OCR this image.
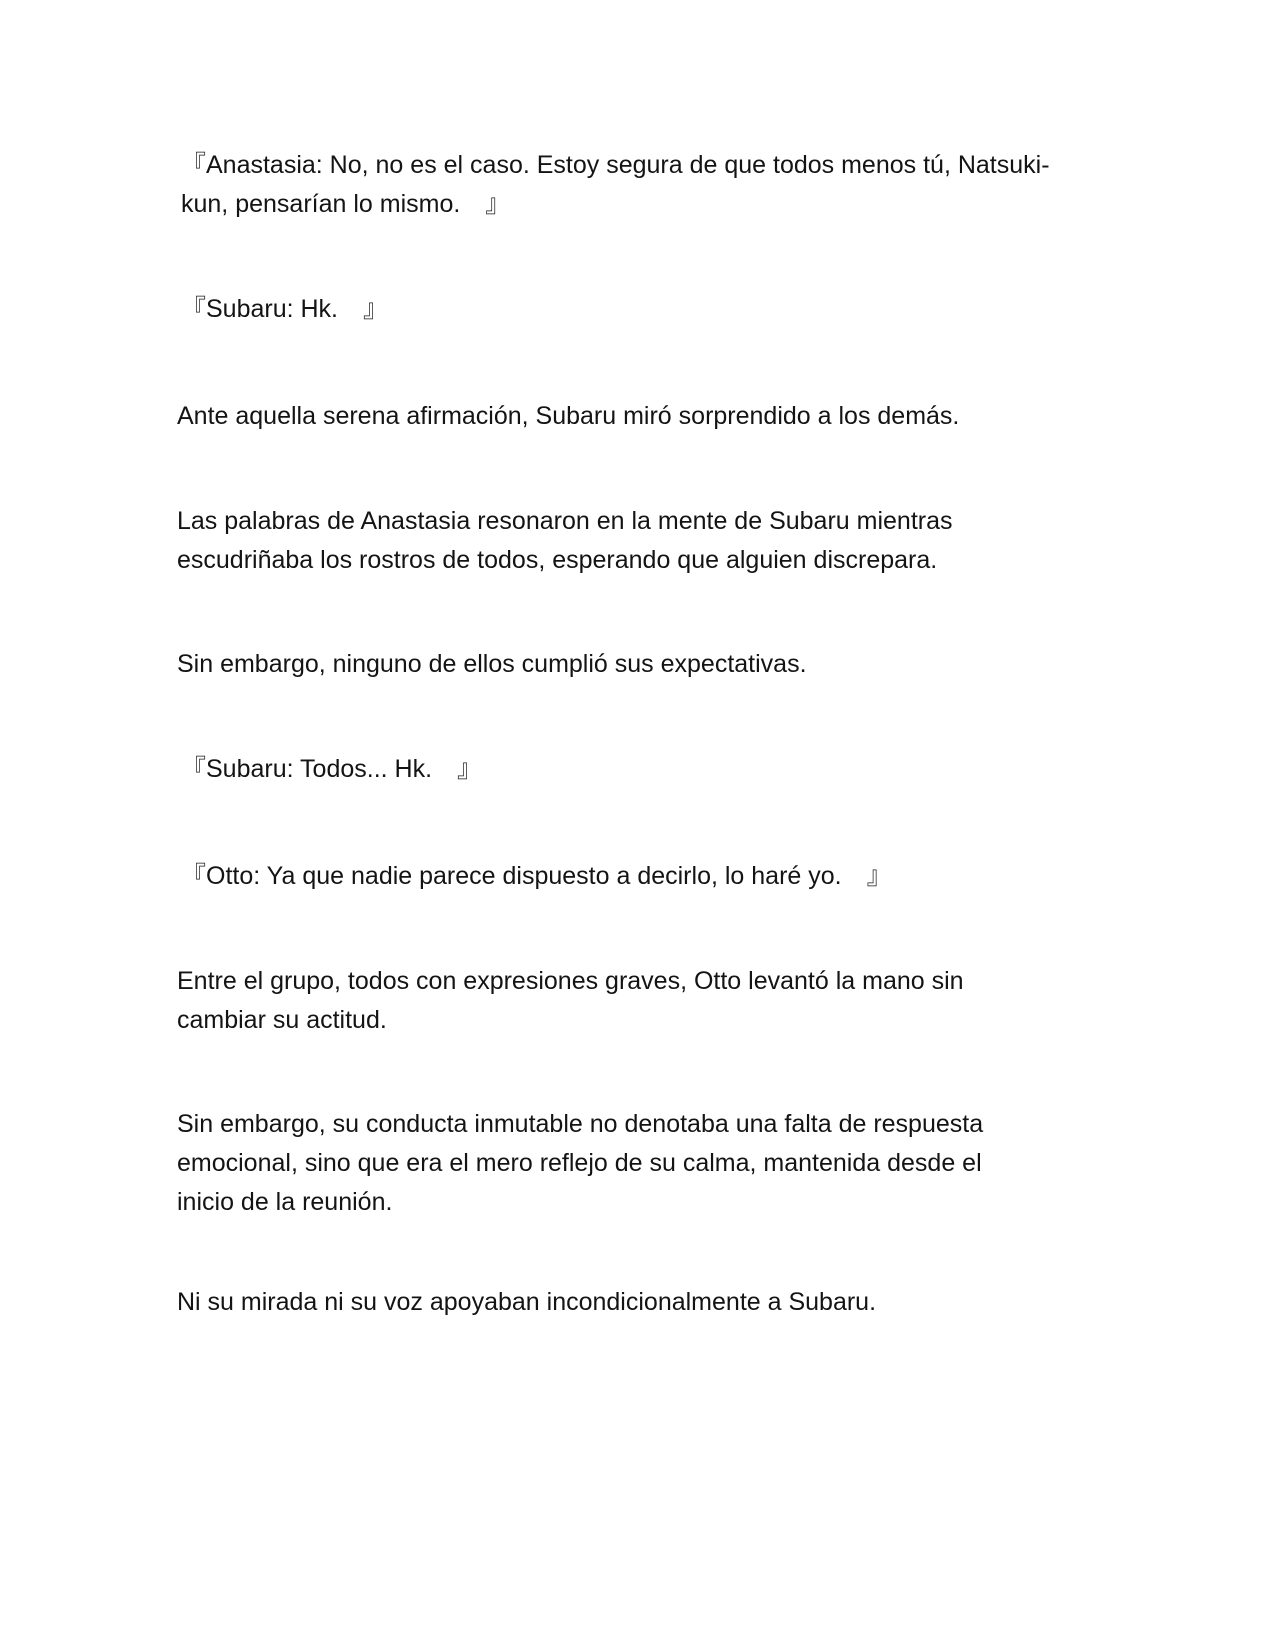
『Anastasia: No, no es el caso. Estoy segura de que todos menos tú, Natsuki-
kun, pensarían lo mismo.　』

『Subaru: Hk.　』

Ante aquella serena afirmación, Subaru miró sorprendido a los demás.

Las palabras de Anastasia resonaron en la mente de Subaru mientras
escudriñaba los rostros de todos, esperando que alguien discrepara.

Sin embargo, ninguno de ellos cumplió sus expectativas.

『Subaru: Todos... Hk.　』

『Otto: Ya que nadie parece dispuesto a decirlo, lo haré yo.　』

Entre el grupo, todos con expresiones graves, Otto levantó la mano sin
cambiar su actitud.

Sin embargo, su conducta inmutable no denotaba una falta de respuesta
emocional, sino que era el mero reflejo de su calma, mantenida desde el
inicio de la reunión.

Ni su mirada ni su voz apoyaban incondicionalmente a Subaru.
